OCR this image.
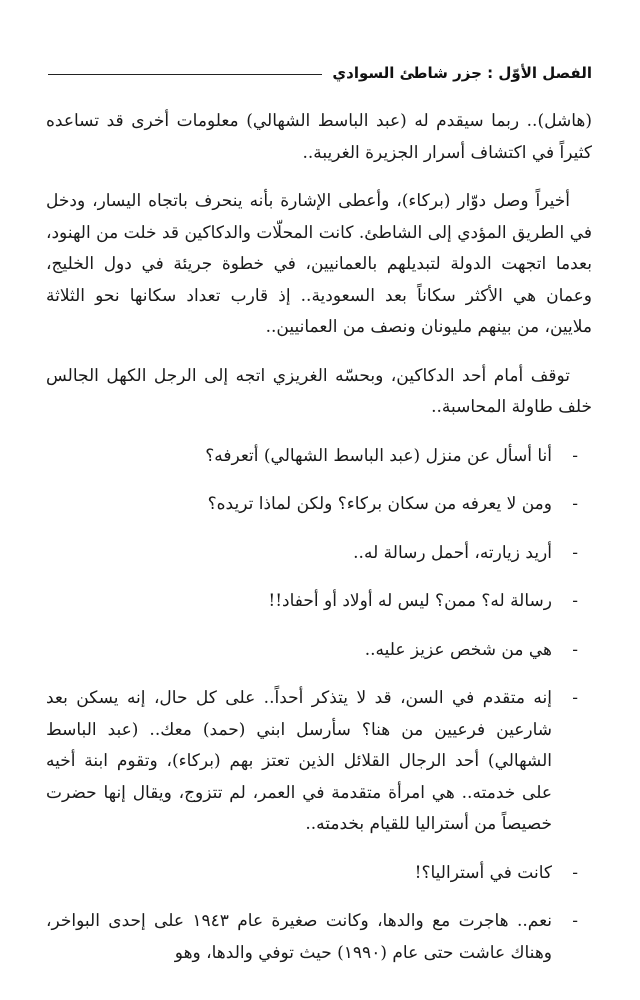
الفصل الأوّل : جزر شاطئ السوادي

(هاشل).. ربما سيقدم له (عبد الباسط الشهالي) معلومات أخرى قد تساعده كثيراً في اكتشاف أسرار الجزيرة الغريبة..

أخيراً وصل دوّار (بركاء)، وأعطى الإشارة بأنه ينحرف باتجاه اليسار، ودخل في الطريق المؤدي إلى الشاطئ. كانت المحلّات والدكاكين قد خلت من الهنود، بعدما اتجهت الدولة لتبديلهم بالعمانيين، في خطوة جريئة في دول الخليج، وعمان هي الأكثر سكاناً بعد السعودية.. إذ قارب تعداد سكانها نحو الثلاثة ملايين، من بينهم مليونان ونصف من العمانيين..

توقف أمام أحد الدكاكين، وبحسّه الغريزي اتجه إلى الرجل الكهل الجالس خلف طاولة المحاسبة..

-
أنا أسأل عن منزل (عبد الباسط الشهالي) أتعرفه؟
-
ومن لا يعرفه من سكان بركاء؟ ولكن لماذا تريده؟
-
أريد زيارته، أحمل رسالة له..
-
رسالة له؟ ممن؟ ليس له أولاد أو أحفاد!!
-
هي من شخص عزيز عليه..
-
إنه متقدم في السن، قد لا يتذكر أحداً.. على كل حال، إنه يسكن بعد شارعين فرعيين من هنا؟ سأرسل ابني (حمد) معك.. (عبد الباسط الشهالي) أحد الرجال القلائل الذين تعتز بهم (بركاء)، وتقوم ابنة أخيه على خدمته.. هي امرأة متقدمة في العمر، لم تتزوج، ويقال إنها حضرت خصيصاً من أستراليا للقيام بخدمته..
-
كانت في أستراليا؟!
-
نعم.. هاجرت مع والدها، وكانت صغيرة عام ١٩٤٣ على إحدى البواخر، وهناك عاشت حتى عام (١٩٩٠) حيث توفي والدها، وهو
